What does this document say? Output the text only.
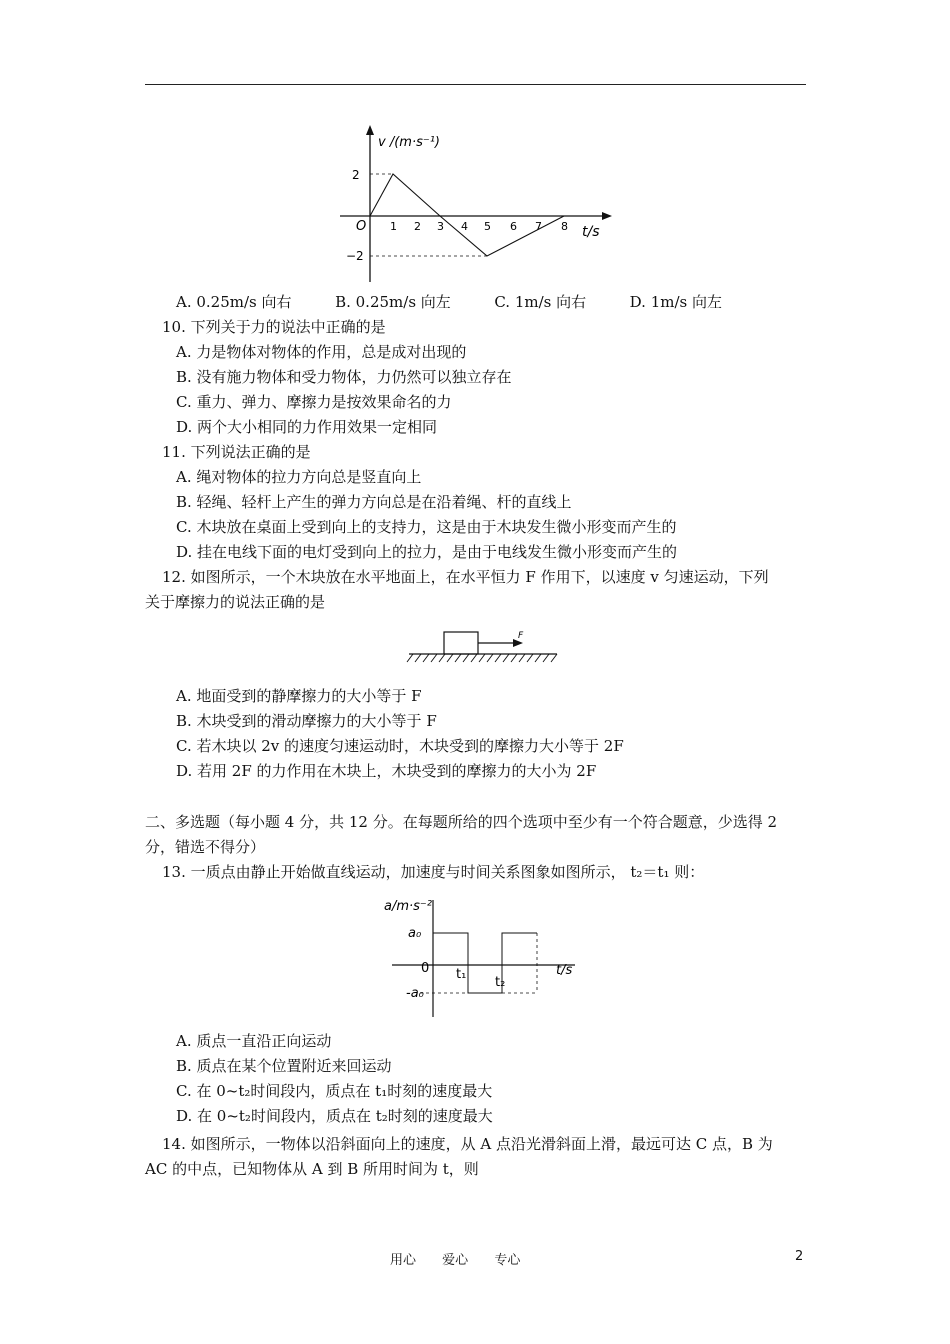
v /(m·s⁻¹)
2
−2
O 1 2 3 4 5 6 7 8 t/s
A. 0.25m/s 向右	B. 0.25m/s 向左	C. 1m/s 向右	D. 1m/s 向左
10. 下列关于力的说法中正确的是
A. 力是物体对物体的作用，总是成对出现的
B. 没有施力物体和受力物体，力仍然可以独立存在
C. 重力、弹力、摩擦力是按效果命名的力
D. 两个大小相同的力作用效果一定相同
11. 下列说法正确的是
A. 绳对物体的拉力方向总是竖直向上
B. 轻绳、轻杆上产生的弹力方向总是在沿着绳、杆的直线上
C. 木块放在桌面上受到向上的支持力，这是由于木块发生微小形变而产生的
D. 挂在电线下面的电灯受到向上的拉力，是由于电线发生微小形变而产生的
12. 如图所示，一个木块放在水平地面上，在水平恒力 F 作用下，以速度 v 匀速运动，下列
关于摩擦力的说法正确的是
F
A. 地面受到的静摩擦力的大小等于 F
B. 木块受到的滑动摩擦力的大小等于 F
C. 若木块以 2v 的速度匀速运动时，木块受到的摩擦力大小等于 2F
D. 若用 2F 的力作用在木块上，木块受到的摩擦力的大小为 2F
二、多选题（每小题 4 分，共 12 分。在每题所给的四个选项中至少有一个符合题意，少选得 2
分，错选不得分）
13. 一质点由静止开始做直线运动，加速度与时间关系图象如图所示， t₂＝t₁ 则：
a/m·s⁻²
a₀
-a₀
0 t₁
t₂
t/s
A. 质点一直沿正向运动
B. 质点在某个位置附近来回运动
C. 在 0~t₂时间段内，质点在 t₁时刻的速度最大
D. 在 0~t₂时间段内，质点在 t₂时刻的速度最大
14. 如图所示，一物体以沿斜面向上的速度，从 A 点沿光滑斜面上滑，最远可达 C 点，B 为
AC 的中点，已知物体从 A 到 B 所用时间为 t，则
用心 爱心 专心	2
